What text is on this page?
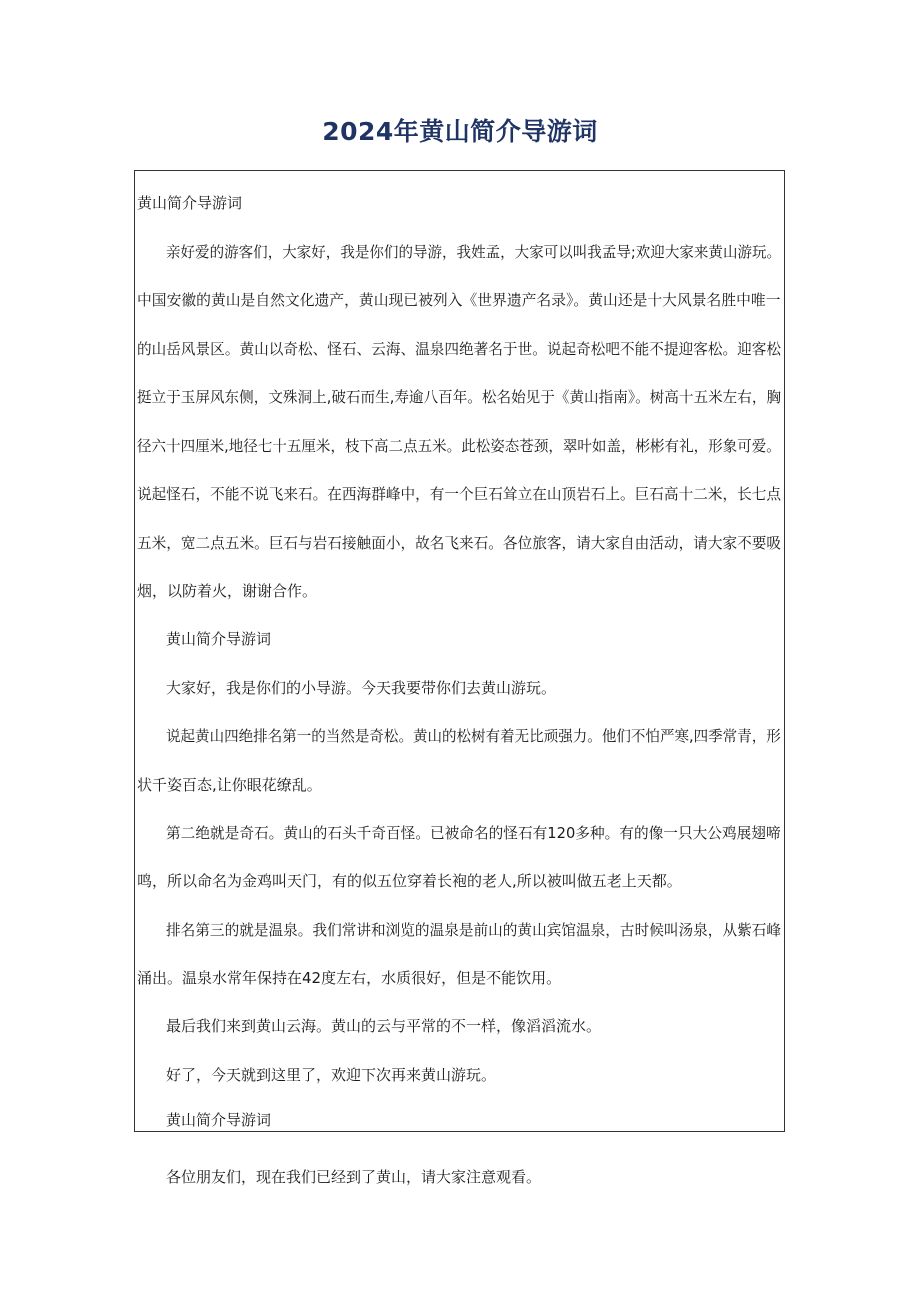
2024年黄山简介导游词
黄山简介导游词
亲好爱的游客们，大家好，我是你们的导游，我姓孟，大家可以叫我孟导;欢迎大家来黄山游玩。
中国安徽的黄山是自然文化遗产，黄山现已被列入《世界遗产名录》。黄山还是十大风景名胜中唯一
的山岳风景区。黄山以奇松、怪石、云海、温泉四绝著名于世。说起奇松吧不能不提迎客松。迎客松
挺立于玉屏风东侧，文殊洞上,破石而生,寿逾八百年。松名始见于《黄山指南》。树高十五米左右，胸
径六十四厘米,地径七十五厘米，枝下高二点五米。此松姿态苍颈，翠叶如盖，彬彬有礼，形象可爱。
说起怪石，不能不说飞来石。在西海群峰中，有一个巨石耸立在山顶岩石上。巨石高十二米，长七点
五米，宽二点五米。巨石与岩石接触面小，故名飞来石。各位旅客，请大家自由活动，请大家不要吸
烟，以防着火，谢谢合作。
黄山简介导游词
大家好，我是你们的小导游。今天我要带你们去黄山游玩。
说起黄山四绝排名第一的当然是奇松。黄山的松树有着无比顽强力。他们不怕严寒,四季常青，形
状千姿百态,让你眼花缭乱。
第二绝就是奇石。黄山的石头千奇百怪。已被命名的怪石有120多种。有的像一只大公鸡展翅啼
鸣，所以命名为金鸡叫天门，有的似五位穿着长袍的老人,所以被叫做五老上天都。
排名第三的就是温泉。我们常讲和浏览的温泉是前山的黄山宾馆温泉，古时候叫汤泉，从紫石峰
涌出。温泉水常年保持在42度左右，水质很好，但是不能饮用。
最后我们来到黄山云海。黄山的云与平常的不一样，像滔滔流水。
好了，今天就到这里了，欢迎下次再来黄山游玩。
黄山简介导游词
各位朋友们，现在我们已经到了黄山，请大家注意观看。
